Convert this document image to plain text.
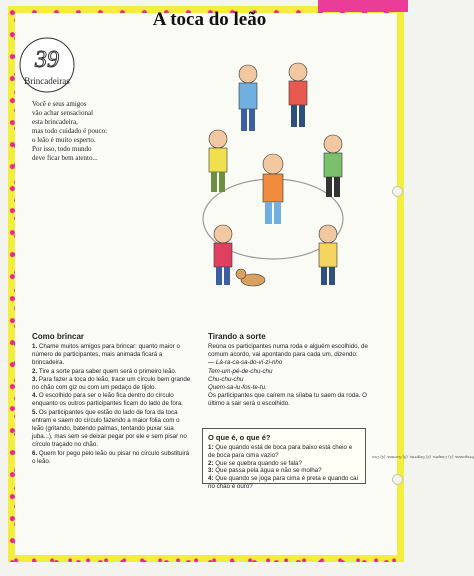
A toca do leão
39
Brincadeiras
Você e seus amigos
vão achar sensacional
esta brincadeira,
mas todo cuidado é pouco:
o leão é muito esperto.
Por isso, todo mundo
deve ficar bem atento...
Como brincar
1. Chame muitos amigos para brincar: quanto maior o número de participantes, mais animada ficará a brincadeira.
2. Tire a sorte para saber quem será o primeiro leão.
3. Para fazer a toca do leão, trace um círculo bem grande no chão com giz ou com um pedaço de tijolo.
4. O escolhido para ser o leão fica dentro do círculo enquanto os outros participantes ficam do lado de fora.
5. Os participantes que estão do lado de fora da toca entram e saem do círculo fazendo a maior folia com o leão (gritando, batendo palmas, tentando puxar sua juba...), mas sem se deixar pegar por ele e sem pisar no círculo traçado no chão.
6. Quem for pego pelo leão ou pisar no círculo substituirá o leão.
Tirando a sorte
Reúna os participantes numa roda e alguém escolhido, de comum acordo, vai apontando para cada um, dizendo:
— Lá-ra-ca-sa-do-ví-zi-nho
Tem-um-pé-de-chu-chu
Chu-chu-chu
Quem-sa-iu-fos-te-tu.
Os participantes que caírem na sílaba tu saem da roda. O último a sair será o escolhido.
O que é, o que é?
1: Que quando está de boca para baixo está cheio e de boca para cima vazio?
2: Que se quebra quando se fala?
3: Que passa pela água e não se molha?
4: Que quando se joga para cima é preta e quando cai no chão é ouro?
Respostas: (1) Chapéu, (2) Segredo, (3) Sombra, (4) Ovo
